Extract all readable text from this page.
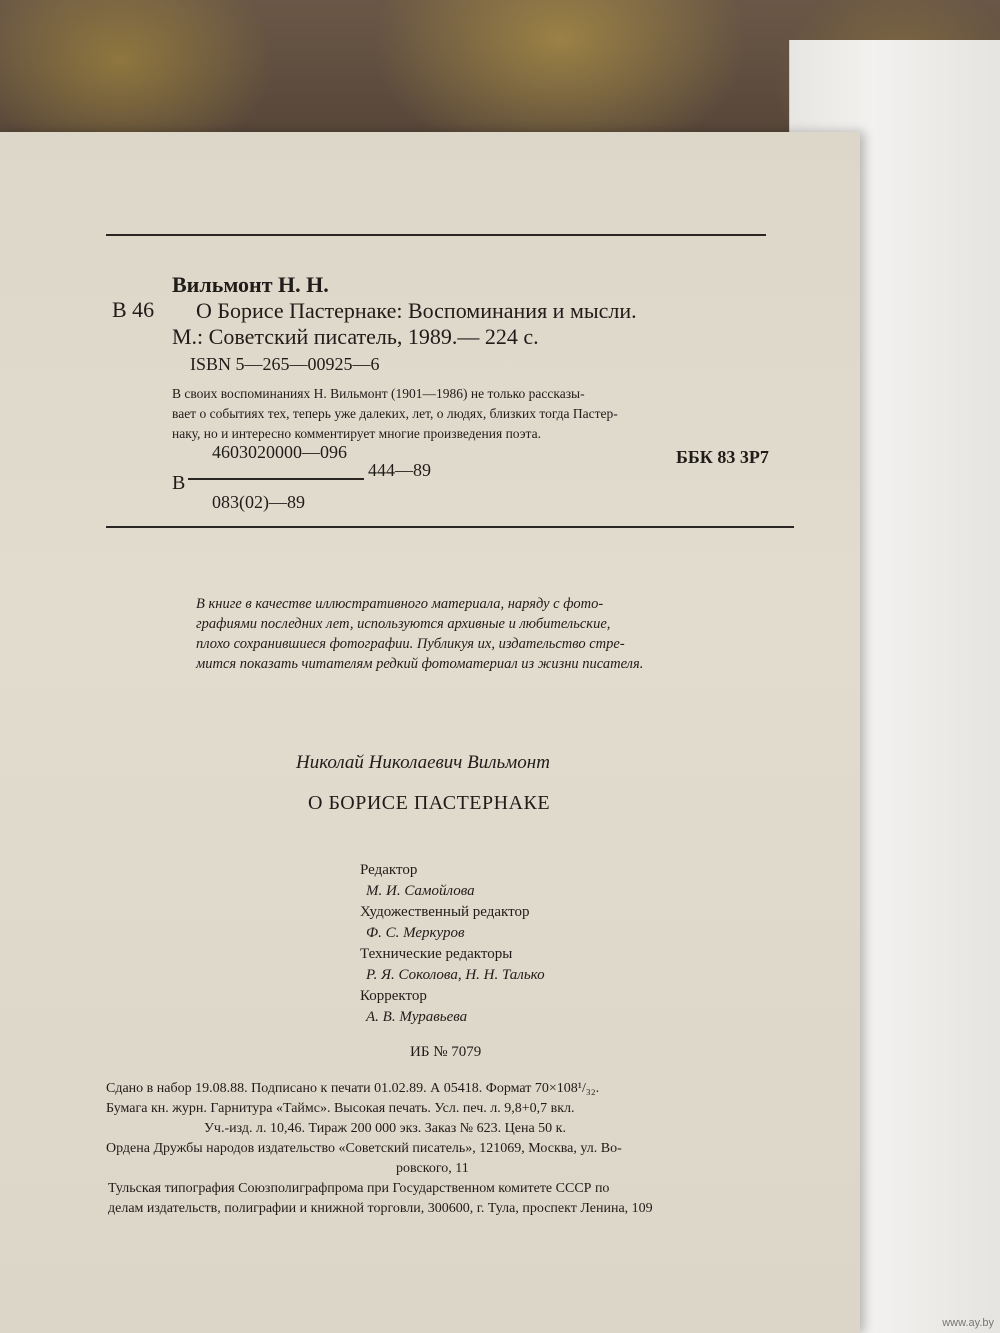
В 46
Вильмонт Н. Н.
О Борисе Пастернаке: Воспоминания и мысли.
М.: Советский писатель, 1989.— 224 с.
ISBN 5—265—00925—6
В своих воспоминаниях Н. Вильмонт (1901—1986) не только рассказы-
вает о событиях тех, теперь уже далеких, лет, о людях, близких тогда Пастер-
наку, но и интересно комментирует многие произведения поэта.
В
4603020000—096
083(02)—89
444—89
ББК 83 3Р7
В книге в качестве иллюстративного материала, наряду с фото-
графиями последних лет, используются архивные и любительские,
плохо сохранившиеся фотографии. Публикуя их, издательство стре-
мится показать читателям редкий фотоматериал из жизни писателя.
Николай Николаевич Вильмонт
О БОРИСЕ ПАСТЕРНАКЕ
Редактор
М. И. Самойлова
Художественный редактор
Ф. С. Меркуров
Технические редакторы
Р. Я. Соколова, Н. Н. Талько
Корректор
А. В. Муравьева
ИБ № 7079
Сдано в набор 19.08.88. Подписано к печати 01.02.89. А 05418. Формат 70×108¹/₃₂.
Бумага кн. журн. Гарнитура «Таймс». Высокая печать. Усл. печ. л. 9,8+0,7 вкл.
Уч.-изд. л. 10,46. Тираж 200 000 экз. Заказ № 623. Цена 50 к.
Ордена Дружбы народов издательство «Советский писатель», 121069, Москва, ул. Во-
ровского, 11
Тульская типография Союзполиграфпрома при Государственном комитете СССР по
делам издательств, полиграфии и книжной торговли, 300600, г. Тула, проспект Ленина, 109
www.ay.by
